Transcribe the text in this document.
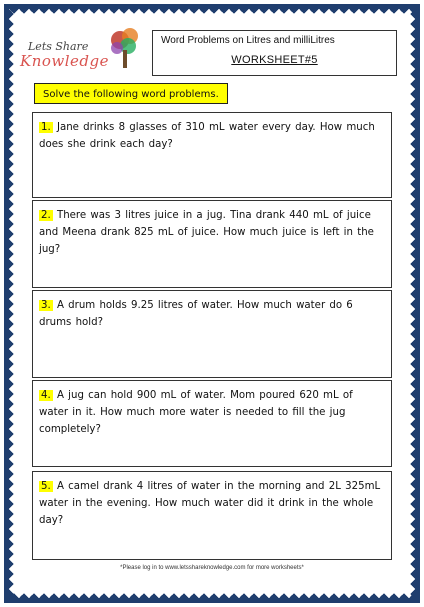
Lets Share
Knowledge
Word Problems on Litres and milliLitres
WORKSHEET#5
Solve the following word problems.
1. Jane drinks 8 glasses of 310 mL water every day. How much does she drink each day?
2. There was 3 litres juice in a jug. Tina drank 440 mL of juice and Meena drank 825 mL of juice. How much juice is left in the jug?
3. A drum holds 9.25 litres of water. How much water do 6 drums hold?
4. A jug can hold 900 mL of water. Mom poured 620 mL of water in it. How much more water is needed to fill the jug completely?
5. A camel drank 4 litres of water in the morning and 2L 325mL water in the evening. How much water did it drink in the whole day?
*Please log in to www.letsshareknowledge.com for more worksheets*
